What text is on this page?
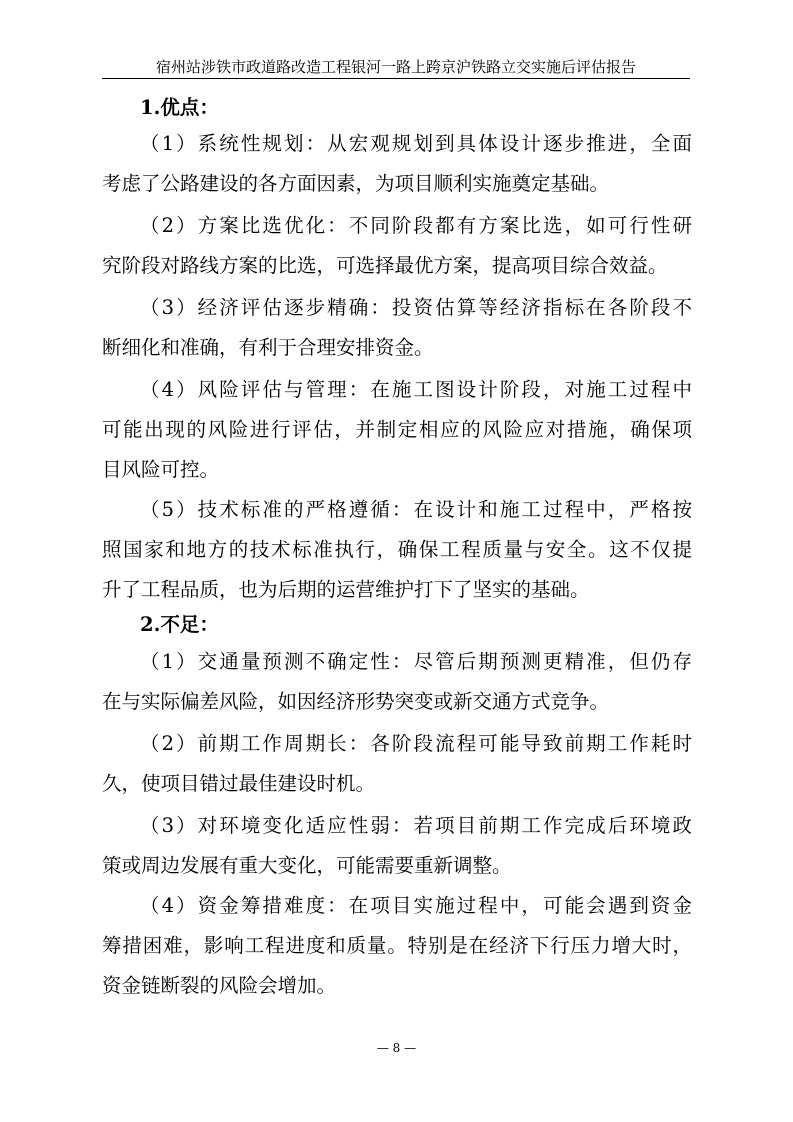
宿州站涉铁市政道路改造工程银河一路上跨京沪铁路立交实施后评估报告
1.优点：
（1）系统性规划：从宏观规划到具体设计逐步推进，全面
考虑了公路建设的各方面因素，为项目顺利实施奠定基础。
（2）方案比选优化：不同阶段都有方案比选，如可行性研
究阶段对路线方案的比选，可选择最优方案，提高项目综合效益。
（3）经济评估逐步精确：投资估算等经济指标在各阶段不
断细化和准确，有利于合理安排资金。
（4）风险评估与管理：在施工图设计阶段，对施工过程中
可能出现的风险进行评估，并制定相应的风险应对措施，确保项
目风险可控。
（5）技术标准的严格遵循：在设计和施工过程中，严格按
照国家和地方的技术标准执行，确保工程质量与安全。这不仅提
升了工程品质，也为后期的运营维护打下了坚实的基础。
2.不足：
（1）交通量预测不确定性：尽管后期预测更精准，但仍存
在与实际偏差风险，如因经济形势突变或新交通方式竞争。
（2）前期工作周期长：各阶段流程可能导致前期工作耗时
久，使项目错过最佳建设时机。
（3）对环境变化适应性弱：若项目前期工作完成后环境政
策或周边发展有重大变化，可能需要重新调整。
（4）资金筹措难度：在项目实施过程中，可能会遇到资金
筹措困难，影响工程进度和质量。特别是在经济下行压力增大时，
资金链断裂的风险会增加。
— 8 —
